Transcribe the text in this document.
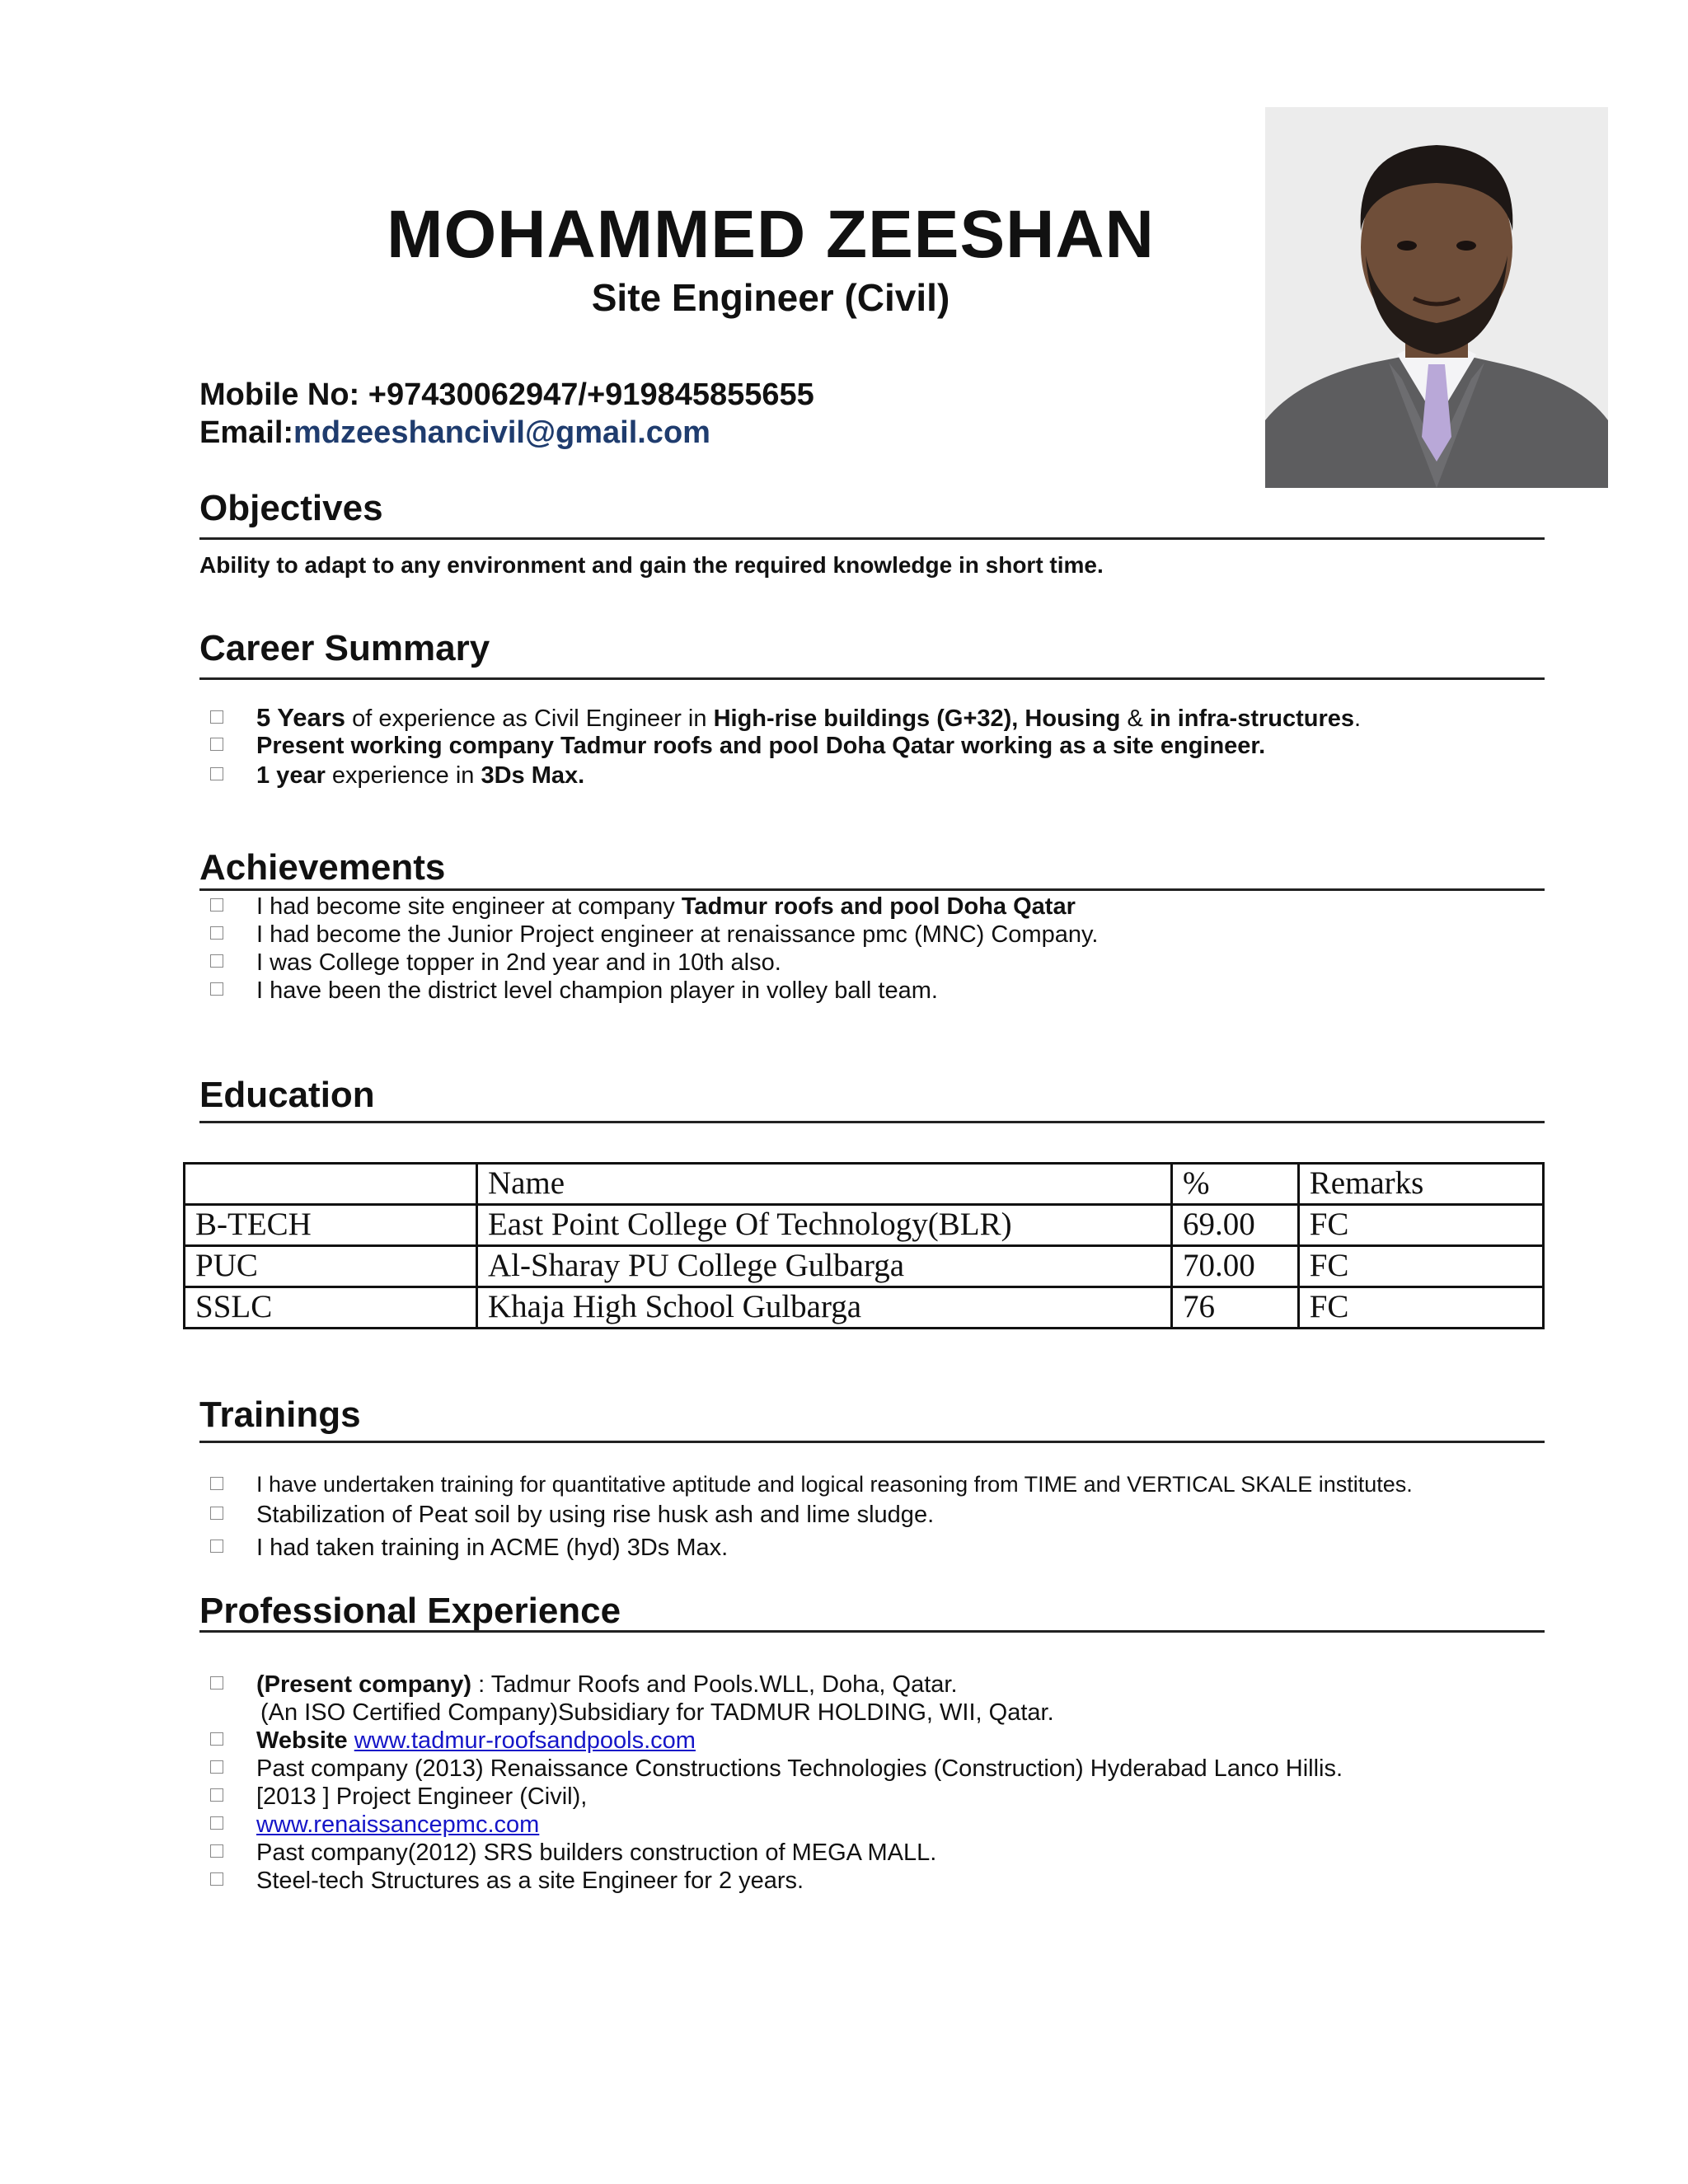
MOHAMMED ZEESHAN
Site Engineer (Civil)
Mobile No: +97430062947/+919845855655
Email:mdzeeshancivil@gmail.com
Objectives
Ability to adapt to any environment and gain the required knowledge in short time.
Career Summary
5 Years of experience as Civil Engineer in High-rise buildings (G+32), Housing & in infra-structures.
Present working company Tadmur roofs and pool Doha Qatar working as a site engineer.
1 year experience in 3Ds Max.
Achievements
I had become site engineer at company Tadmur roofs and pool Doha Qatar
I had become the Junior Project engineer at renaissance pmc (MNC) Company.
I was College topper in 2nd year and in 10th also.
I have been the district level champion player in volley ball team.
Education
	Name	%	Remarks
B-TECH	East Point College Of Technology(BLR)	69.00	FC
PUC	Al-Sharay PU College Gulbarga	70.00	FC
SSLC	Khaja High School Gulbarga	76	FC
Trainings
I have undertaken training for quantitative aptitude and logical reasoning from TIME and VERTICAL SKALE institutes.
Stabilization of Peat soil by using rise husk ash and lime sludge.
I had taken training in ACME (hyd) 3Ds Max.
Professional Experience
(Present company) : Tadmur Roofs and Pools.WLL, Doha, Qatar.
(An ISO Certified Company)Subsidiary for TADMUR HOLDING, WII, Qatar.
Website www.tadmur-roofsandpools.com
Past company (2013) Renaissance Constructions Technologies (Construction) Hyderabad Lanco Hillis.
[2013 ] Project Engineer (Civil),
www.renaissancepmc.com
Past company(2012) SRS builders construction of MEGA MALL.
Steel-tech Structures as a site Engineer for 2 years.
